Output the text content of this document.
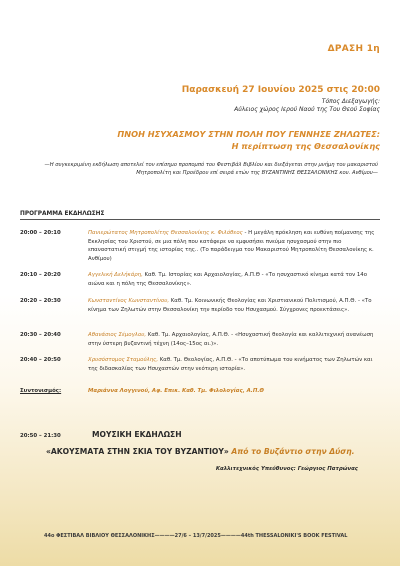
ΔΡΑΣΗ 1η
Παρασκευή 27 Ιουνίου 2025 στις 20:00
Τόπος Διεξαγωγής:
Αύλειος χώρος Ιερού Ναού της Του Θεού Σοφίας
ΠΝΟΗ ΗΣΥΧΑΣΜΟΥ ΣΤΗΝ ΠΟΛΗ ΠΟΥ ΓΕΝΝΗΣΕ ΖΗΛΩΤΕΣ:
Η περίπτωση της Θεσσαλονίκης
—Η συγκεκριμένη εκδήλωση αποτελεί τον επίσημο προπομπό του Φεστιβάλ Βιβλίου και διεξάγεται στην μνήμη του μακαριστού Μητροπολίτη και Προέδρου επί σειρά ετών της ΒΥΖΑΝΤΙΝΗΣ ΘΕΣΣΑΛΟΝΙΚΗΣ κου. Ανθίμου—
ΠΡΟΓΡΑΜΜΑ ΕΚΔΗΛΩΣΗΣ
20:00 – 20:10	Πανιερώτατος Μητροπολίτης Θεσσαλονίκης κ. Φιλόθεος - Η μεγάλη πρόκληση και ευθύνη ποίμανσης της Εκκλησίας του Χριστού, σε μια πόλη που κατάφερε να εμφυσήσει πνεύμα ησυχασμού στην πιο επαναστατική στιγμή της ιστορίας της.. (Το παράδειγμα του Μακαριστού Μητροπολίτη Θεσσαλονίκης κ. Ανθίμου)
20:10 – 20:20	Αγγελική Δελήκάρη, Καθ. Τμ. Ιστορίας και Αρχαιολογίας, Α.Π.Θ - «Το ησυχαστικό κίνημα κατά τον 14ο αιώνα και η πόλη της Θεσσαλονίκης».
20:20 – 20:30	Κωνσταντίνος Κωνσταντίνου, Καθ. Τμ. Κοινωνικής Θεολογίας και Χριστιανικού Πολιτισμού, Α.Π.Θ. - «Το κίνημα των Ζηλωτών στην Θεσσαλονίκη την περίοδο του Ησυχασμού. Σύγχρονες προεκτάσεις».
20:30 – 20:40	Αθανάσιος Σέμογλου, Καθ. Τμ. Αρχαιολογίας, Α.Π.Θ. - «Ησυχαστική θεολογία και καλλιτεχνική ανανέωση στην ύστερη βυζαντινή τέχνη (14ος–15ος αι.)».
20:40 – 20:50	Χρυσόστομος Σταμούλης, Καθ. Τμ. Θεολογίας, Α.Π.Θ. - «Το αποτύπωμα του κινήματος των Ζηλωτών και της διδασκαλίας των Ησυχαστών στην νεότερη ιστορία».
Συντονισμός:	Μαριάννα Λογγινού, Αφ. Επικ. Καθ. Τμ. Φιλολογίας, Α.Π.Θ
20:50 – 21:30	ΜΟΥΣΙΚΗ ΕΚΔΗΛΩΣΗ
«ΑΚΟΥΣΜΑΤΑ ΣΤΗΝ ΣΚΙΑ ΤΟΥ ΒΥΖΑΝΤΙΟΥ» Από το Βυζάντιο στην Δύση.
Καλλιτεχνικός Υπεύθυνος: Γεώργιος Πατρώνας
44ο ΦΕΣΤΙΒΑΛ ΒΙΒΛΙΟΥ ΘΕΣΣΑΛΟΝΙΚΗΣ————27/6 – 13/7/2025————44th THESSALONIKI'S BOOK FESTIVAL
